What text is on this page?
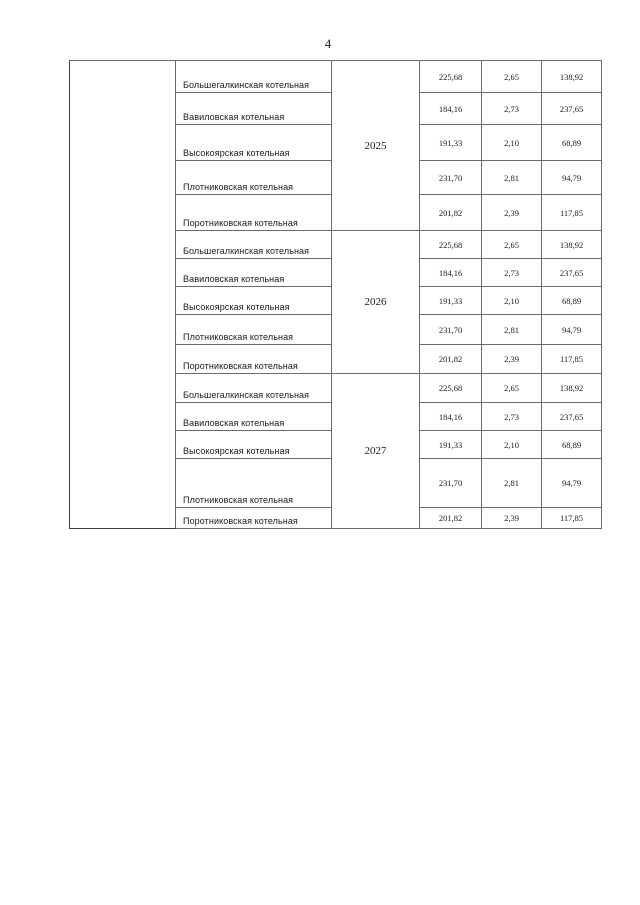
4
	Большегалкинская котельная	2025	225,68	2,65	138,92
	Вавиловская котельная		184,16	2,73	237,65
	Высокоярская котельная		191,33	2,10	68,89
	Плотниковская котельная		231,70	2,81	94,79
	Поротниковская котельная		201,82	2,39	117,85
	Большегалкинская котельная	2026	225,68	2,65	138,92
	Вавиловская котельная		184,16	2,73	237,65
	Высокоярская котельная		191,33	2,10	68,89
	Плотниковская котельная		231,70	2,81	94,79
	Поротниковская котельная		201,82	2,39	117,85
	Большегалкинская котельная	2027	225,68	2,65	138,92
	Вавиловская котельная		184,16	2,73	237,65
	Высокоярская котельная		191,33	2,10	68,89
	Плотниковская котельная		231,70	2,81	94,79
	Поротниковская котельная		201,82	2,39	117,85
